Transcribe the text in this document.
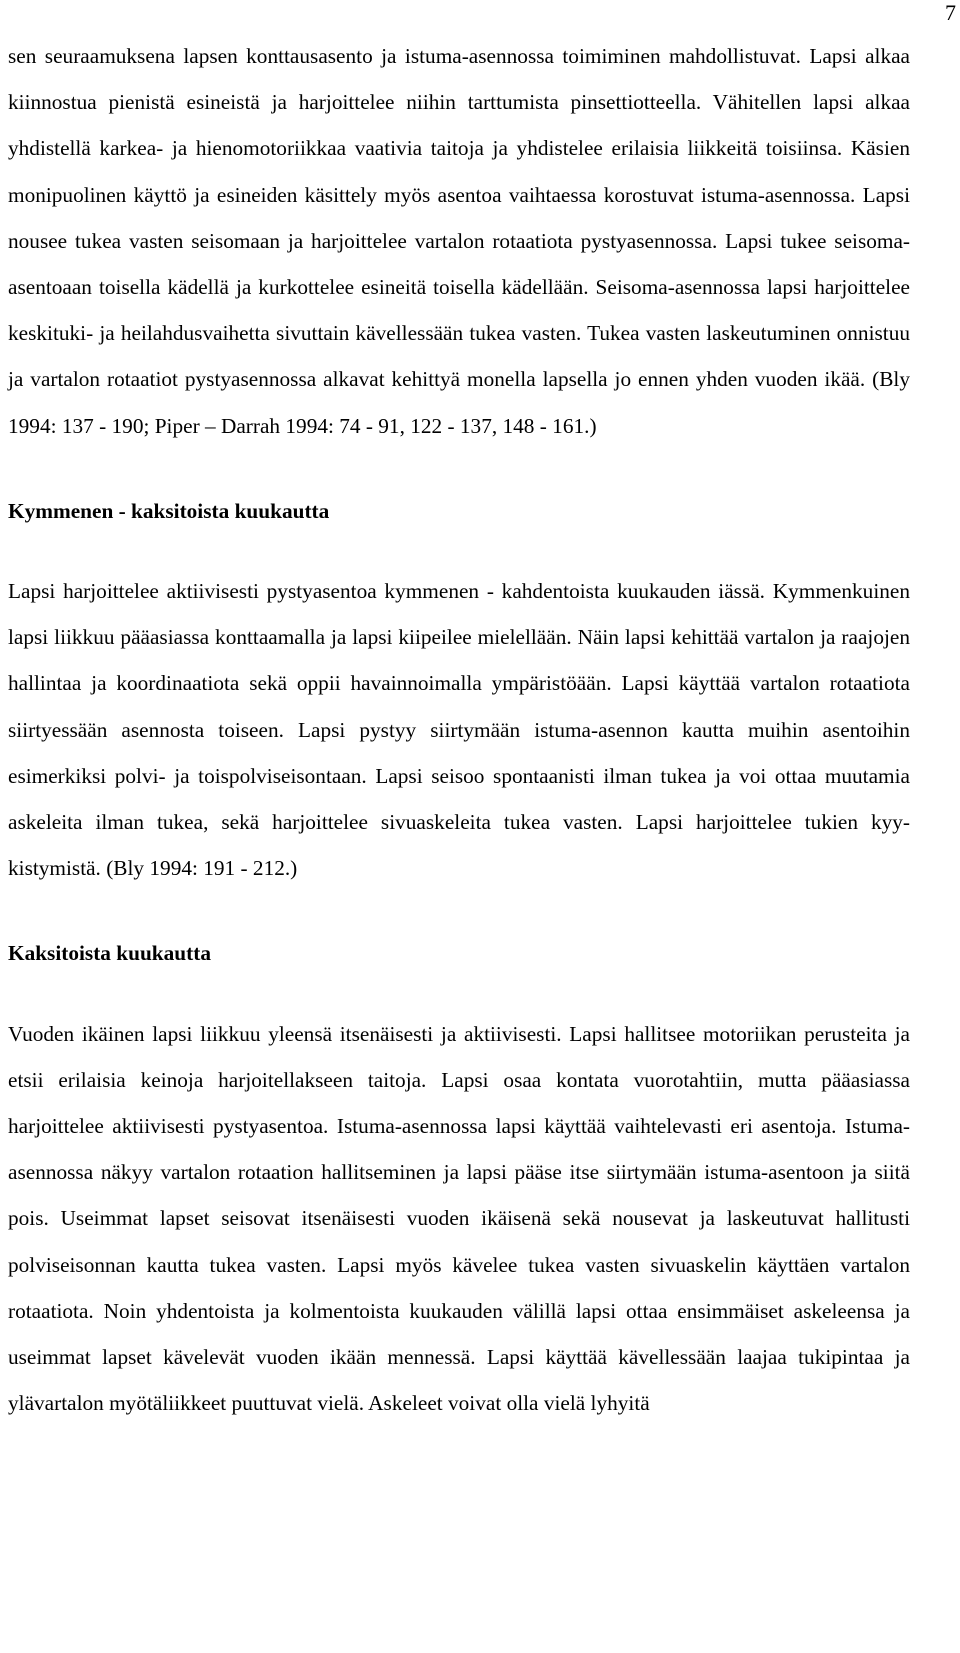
7

sen seuraamuksena lapsen konttausasento ja istuma-asennossa toimiminen mahdollistuvat. Lapsi alkaa kiinnostua pienistä esineistä ja harjoittelee niihin tarttumista pinsettiotteella. Vähitellen lapsi alkaa yhdistellä karkea- ja hienomotoriikkaa vaativia taitoja ja yhdistelee erilaisia liikkeitä toisiinsa. Käsien monipuolinen käyttö ja esineiden käsittely myös asentoa vaihtaessa korostuvat istuma-asennossa. Lapsi nousee tukea vasten seisomaan ja harjoittelee vartalon rotaatiota pystyasennossa. Lapsi tukee seisomaasentoaan toisella kädellä ja kurkottelee esineitä toisella kädellään. Seisoma-asennossa lapsi harjoittelee keskituki- ja heilahdusvaihetta sivuttain kävellessään tukea vasten. Tukea vasten laskeutuminen onnistuu ja vartalon rotaatiot pystyasennossa alkavat kehittyä monella lapsella jo ennen yhden vuoden ikää. (Bly 1994: 137 - 190; Piper – Darrah 1994: 74 - 91, 122 - 137, 148 - 161.)

Kymmenen - kaksitoista kuukautta

Lapsi harjoittelee aktiivisesti pystyasentoa kymmenen - kahdentoista kuukauden iässä. Kymmenkuinen lapsi liikkuu pääasiassa konttaamalla ja lapsi kiipeilee mielellään. Näin lapsi kehittää vartalon ja raajojen hallintaa ja koordinaatiota sekä oppii havainnoimalla ympäristöään. Lapsi käyttää vartalon rotaatiota siirtyessään asennosta toiseen. Lapsi pystyy siirtymään istuma-asennon kautta muihin asentoihin esimerkiksi polvi- ja toispolviseisontaan. Lapsi seisoo spontaanisti ilman tukea ja voi ottaa muutamia askeleita ilman tukea, sekä harjoittelee sivuaskeleita tukea vasten. Lapsi harjoittelee tukien kyykistymistä. (Bly 1994: 191 - 212.)

Kaksitoista kuukautta

Vuoden ikäinen lapsi liikkuu yleensä itsenäisesti ja aktiivisesti. Lapsi hallitsee motoriikan perusteita ja etsii erilaisia keinoja harjoitellakseen taitoja. Lapsi osaa kontata vuorotahtiin, mutta pääasiassa harjoittelee aktiivisesti pystyasentoa. Istuma-asennossa lapsi käyttää vaihtelevasti eri asentoja. Istuma-asennossa näkyy vartalon rotaation hallitseminen ja lapsi pääse itse siirtymään istuma-asentoon ja siitä pois. Useimmat lapset seisovat itsenäisesti vuoden ikäisenä sekä nousevat ja laskeutuvat hallitusti polviseisonnan kautta tukea vasten. Lapsi myös kävelee tukea vasten sivuaskelin käyttäen vartalon rotaatiota. Noin yhdentoista ja kolmentoista kuukauden välillä lapsi ottaa ensimmäiset askeleensa ja useimmat lapset kävelevät vuoden ikään mennessä. Lapsi käyttää kävellessään laajaa tukipintaa ja ylävartalon myötäliikkeet puuttuvat vielä. Askeleet voivat olla vielä lyhyitä
